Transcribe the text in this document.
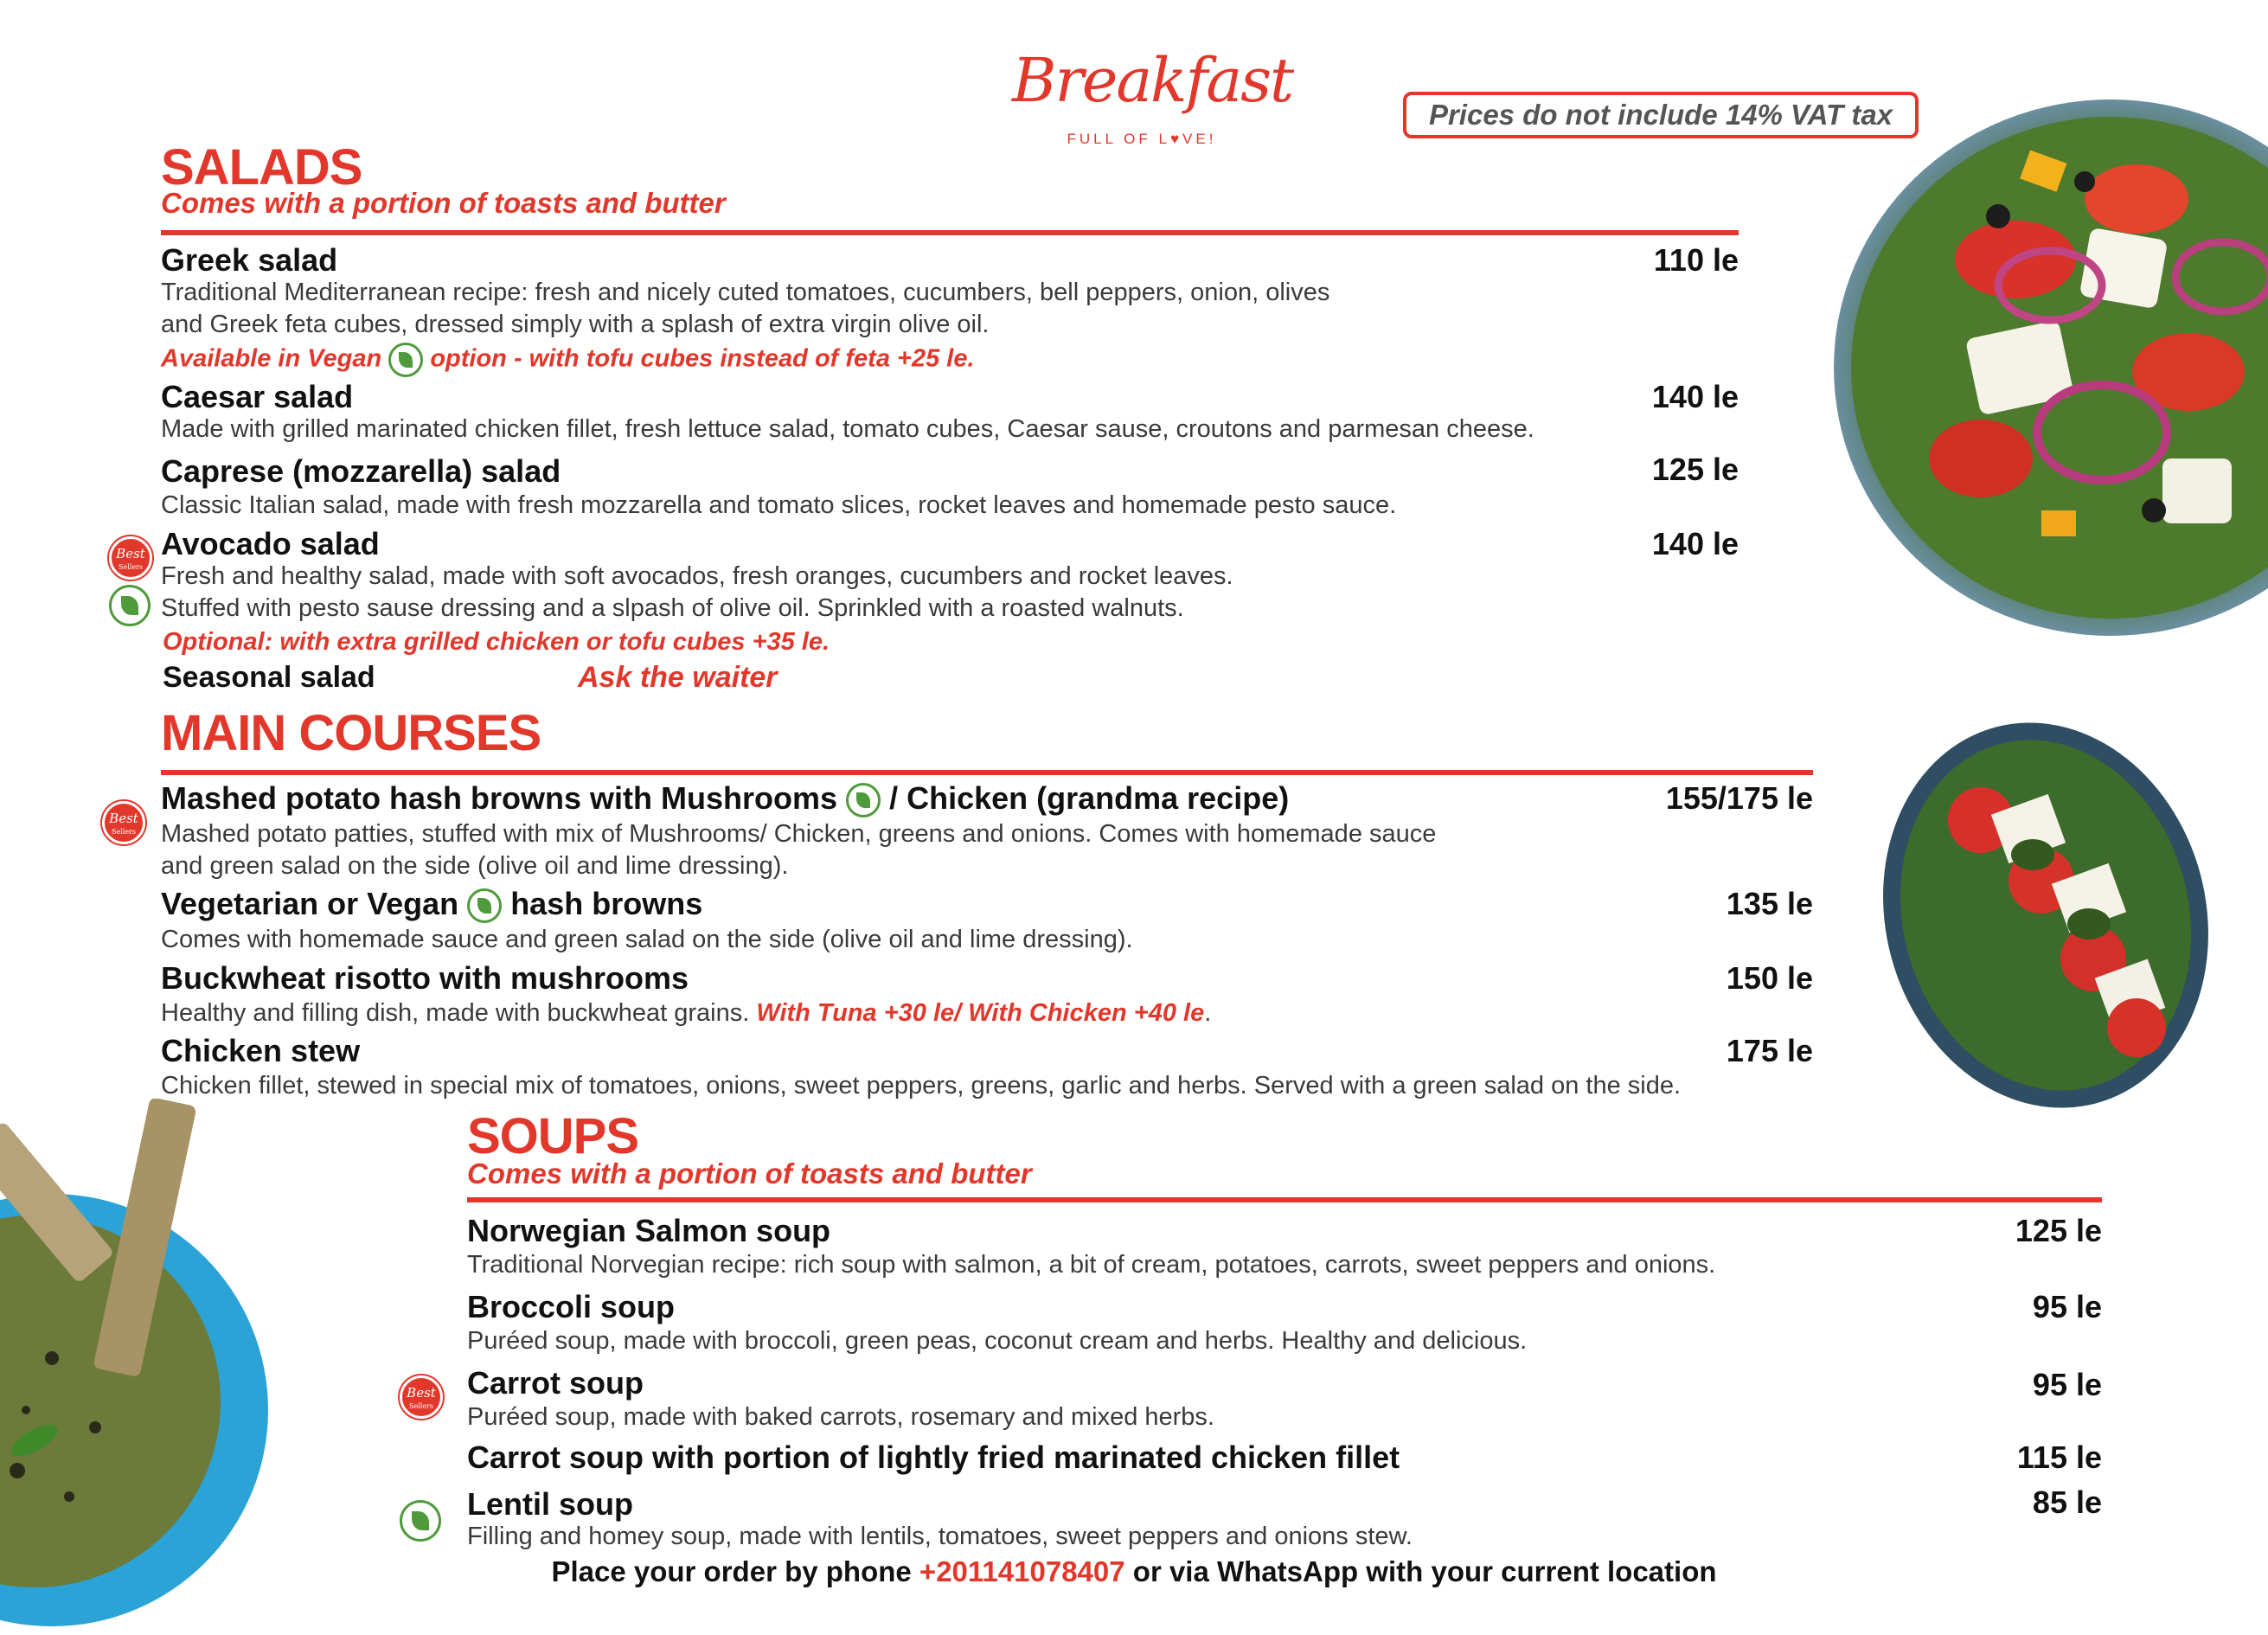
Breakfast
FULL OF L♥VE!
Prices do not include 14% VAT tax
SALADS
Comes with a portion of toasts and butter
Greek salad	110 le
Traditional Mediterranean recipe: fresh and nicely cuted tomatoes, cucumbers, bell peppers, onion, olives
and Greek feta cubes, dressed simply with a splash of extra virgin olive oil.
Available in Vegan option - with tofu cubes instead of feta +25 le.
Caesar salad	140 le
Made with grilled marinated chicken fillet, fresh lettuce salad, tomato cubes, Caesar sause, croutons and parmesan cheese.
Caprese (mozzarella) salad	125 le
Classic Italian salad, made with fresh mozzarella and tomato slices, rocket leaves and homemade pesto sauce.
Best
Sellers
Avocado salad	140 le
Fresh and healthy salad, made with soft avocados, fresh oranges, cucumbers and rocket leaves.
Stuffed with pesto sause dressing and a slpash of olive oil. Sprinkled with a roasted walnuts.
Optional: with extra grilled chicken or tofu cubes +35 le.
Seasonal salad	Ask the waiter
MAIN COURSES
Best
Sellers
Mashed potato hash browns with Mushrooms / Chicken (grandma recipe)	155/175 le
Mashed potato patties, stuffed with mix of Mushrooms/ Chicken, greens and onions. Comes with homemade sauce
and green salad on the side (olive oil and lime dressing).
Vegetarian or Vegan hash browns	135 le
Comes with homemade sauce and green salad on the side (olive oil and lime dressing).
Buckwheat risotto with mushrooms	150 le
Healthy and filling dish, made with buckwheat grains. With Tuna +30 le/ With Chicken +40 le.
Chicken stew	175 le
Chicken fillet, stewed in special mix of tomatoes, onions, sweet peppers, greens, garlic and herbs. Served with a green salad on the side.
SOUPS
Comes with a portion of toasts and butter
Norwegian Salmon soup	125 le
Traditional Norvegian recipe: rich soup with salmon, a bit of cream, potatoes, carrots, sweet peppers and onions.
Broccoli soup	95 le
Puréed soup, made with broccoli, green peas, coconut cream and herbs. Healthy and delicious.
Best
Sellers
Carrot soup	95 le
Puréed soup, made with baked carrots, rosemary and mixed herbs.
Carrot soup with portion of lightly fried marinated chicken fillet	115 le
Lentil soup	85 le
Filling and homey soup, made with lentils, tomatoes, sweet peppers and onions stew.
Place your order by phone +201141078407 or via WhatsApp with your current location
